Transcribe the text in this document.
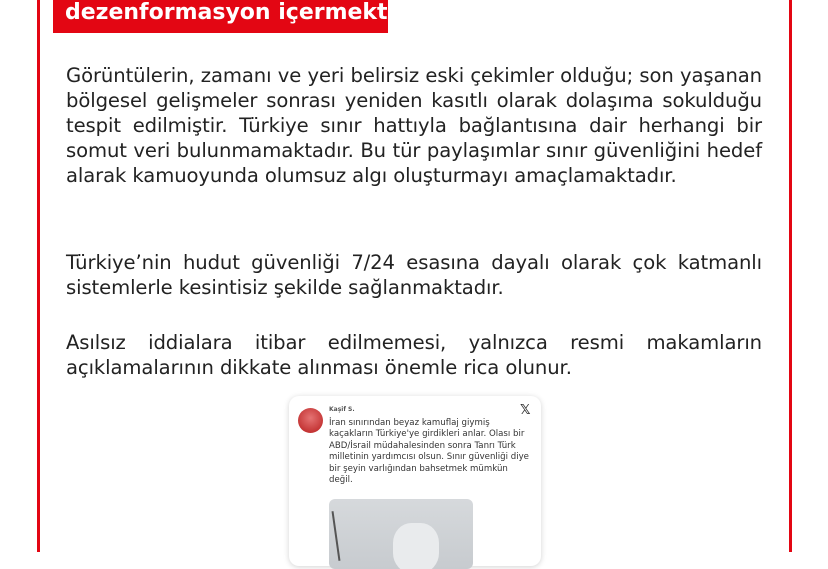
dezenformasyon içermektedir.
Görüntülerin, zamanı ve yeri belirsiz eski çekimler olduğu; son yaşanan bölgesel gelişmeler sonrası yeniden kasıtlı olarak dolaşıma sokulduğu tespit edilmiştir. Türkiye sınır hattıyla bağlantısına dair herhangi bir somut veri bulunmamaktadır. Bu tür paylaşımlar sınır güvenliğini hedef alarak kamuoyunda olumsuz algı oluşturmayı amaçlamaktadır.
Türkiye’nin hudut güvenliği 7/24 esasına dayalı olarak çok katmanlı sistemlerle kesintisiz şekilde sağlanmaktadır.
Asılsız iddialara itibar edilmemesi, yalnızca resmi makamların açıklamalarının dikkate alınması önemle rica olunur.
Kaşif S.	𝕏
İran sınırından beyaz kamuflaj giymiş kaçakların Türkiye'ye girdikleri anlar. Olası bir ABD/İsrail müdahalesinden sonra Tanrı Türk milletinin yardımcısı olsun. Sınır güvenliği diye bir şeyin varlığından bahsetmek mümkün değil.
